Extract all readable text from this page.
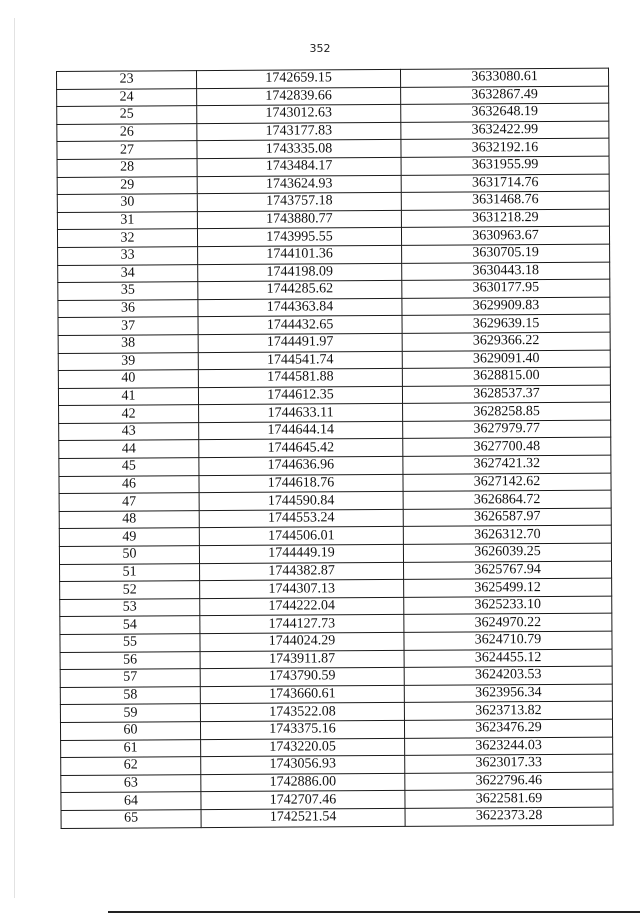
352
23	1742659.15	3633080.61
24	1742839.66	3632867.49
25	1743012.63	3632648.19
26	1743177.83	3632422.99
27	1743335.08	3632192.16
28	1743484.17	3631955.99
29	1743624.93	3631714.76
30	1743757.18	3631468.76
31	1743880.77	3631218.29
32	1743995.55	3630963.67
33	1744101.36	3630705.19
34	1744198.09	3630443.18
35	1744285.62	3630177.95
36	1744363.84	3629909.83
37	1744432.65	3629639.15
38	1744491.97	3629366.22
39	1744541.74	3629091.40
40	1744581.88	3628815.00
41	1744612.35	3628537.37
42	1744633.11	3628258.85
43	1744644.14	3627979.77
44	1744645.42	3627700.48
45	1744636.96	3627421.32
46	1744618.76	3627142.62
47	1744590.84	3626864.72
48	1744553.24	3626587.97
49	1744506.01	3626312.70
50	1744449.19	3626039.25
51	1744382.87	3625767.94
52	1744307.13	3625499.12
53	1744222.04	3625233.10
54	1744127.73	3624970.22
55	1744024.29	3624710.79
56	1743911.87	3624455.12
57	1743790.59	3624203.53
58	1743660.61	3623956.34
59	1743522.08	3623713.82
60	1743375.16	3623476.29
61	1743220.05	3623244.03
62	1743056.93	3623017.33
63	1742886.00	3622796.46
64	1742707.46	3622581.69
65	1742521.54	3622373.28
